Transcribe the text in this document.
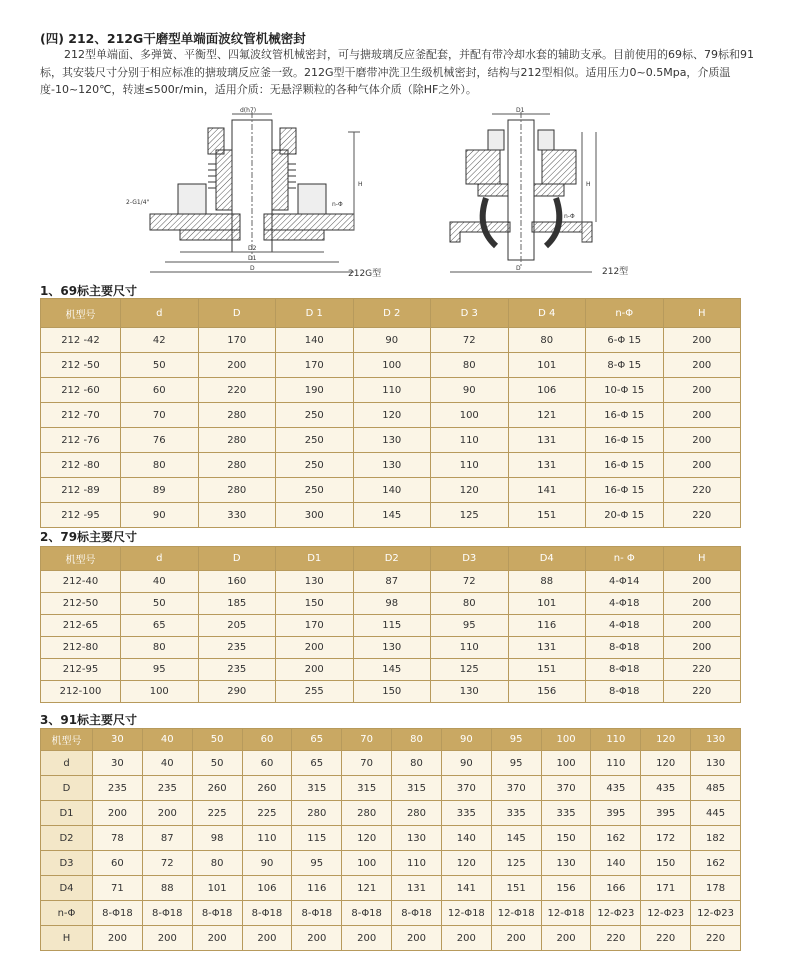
(四) 212、212G干磨型单端面波纹管机械密封

212型单端面、多弹簧、平衡型、四氟波纹管机械密封，可与搪玻璃反应釜配套，并配有带冷却水套的辅助支承。目前使用的69标、79标和91标，其安装尺寸分别于相应标准的搪玻璃反应釜一致。212G型干磨带冲洗卫生级机械密封，结构与212型相似。适用压力0~0.5Mpa，介质温度-10~120℃，转速≤500r/min，适用介质：无悬浮颗粒的各种气体介质（除HF之外）。

d(h7)
D2
D1
D
H
2-G1/4"	n-Φ
212G型
D1
D
H
n-Φ
212型
1、69标主要尺寸
机型号	d	D	D 1	D 2	D 3	D 4	n-Φ	H
212 -42	42	170	140	90	72	80	6-Φ 15	200
212 -50	50	200	170	100	80	101	8-Φ 15	200
212 -60	60	220	190	110	90	106	10-Φ 15	200
212 -70	70	280	250	120	100	121	16-Φ 15	200
212 -76	76	280	250	130	110	131	16-Φ 15	200
212 -80	80	280	250	130	110	131	16-Φ 15	200
212 -89	89	280	250	140	120	141	16-Φ 15	220
212 -95	90	330	300	145	125	151	20-Φ 15	220
2、79标主要尺寸
机型号	d	D	D1	D2	D3	D4	n- Φ	H
212-40	40	160	130	87	72	88	4-Φ14	200
212-50	50	185	150	98	80	101	4-Φ18	200
212-65	65	205	170	115	95	116	4-Φ18	200
212-80	80	235	200	130	110	131	8-Φ18	200
212-95	95	235	200	145	125	151	8-Φ18	220
212-100	100	290	255	150	130	156	8-Φ18	220
3、91标主要尺寸
机型号	30	40	50	60	65	70	80	90	95	100	110	120	130
d	30	40	50	60	65	70	80	90	95	100	110	120	130
D	235	235	260	260	315	315	315	370	370	370	435	435	485
D1	200	200	225	225	280	280	280	335	335	335	395	395	445
D2	78	87	98	110	115	120	130	140	145	150	162	172	182
D3	60	72	80	90	95	100	110	120	125	130	140	150	162
D4	71	88	101	106	116	121	131	141	151	156	166	171	178
n-Φ	8-Φ18	8-Φ18	8-Φ18	8-Φ18	8-Φ18	8-Φ18	8-Φ18	12-Φ18	12-Φ18	12-Φ18	12-Φ23	12-Φ23	12-Φ23
H	200	200	200	200	200	200	200	200	200	200	220	220	220
